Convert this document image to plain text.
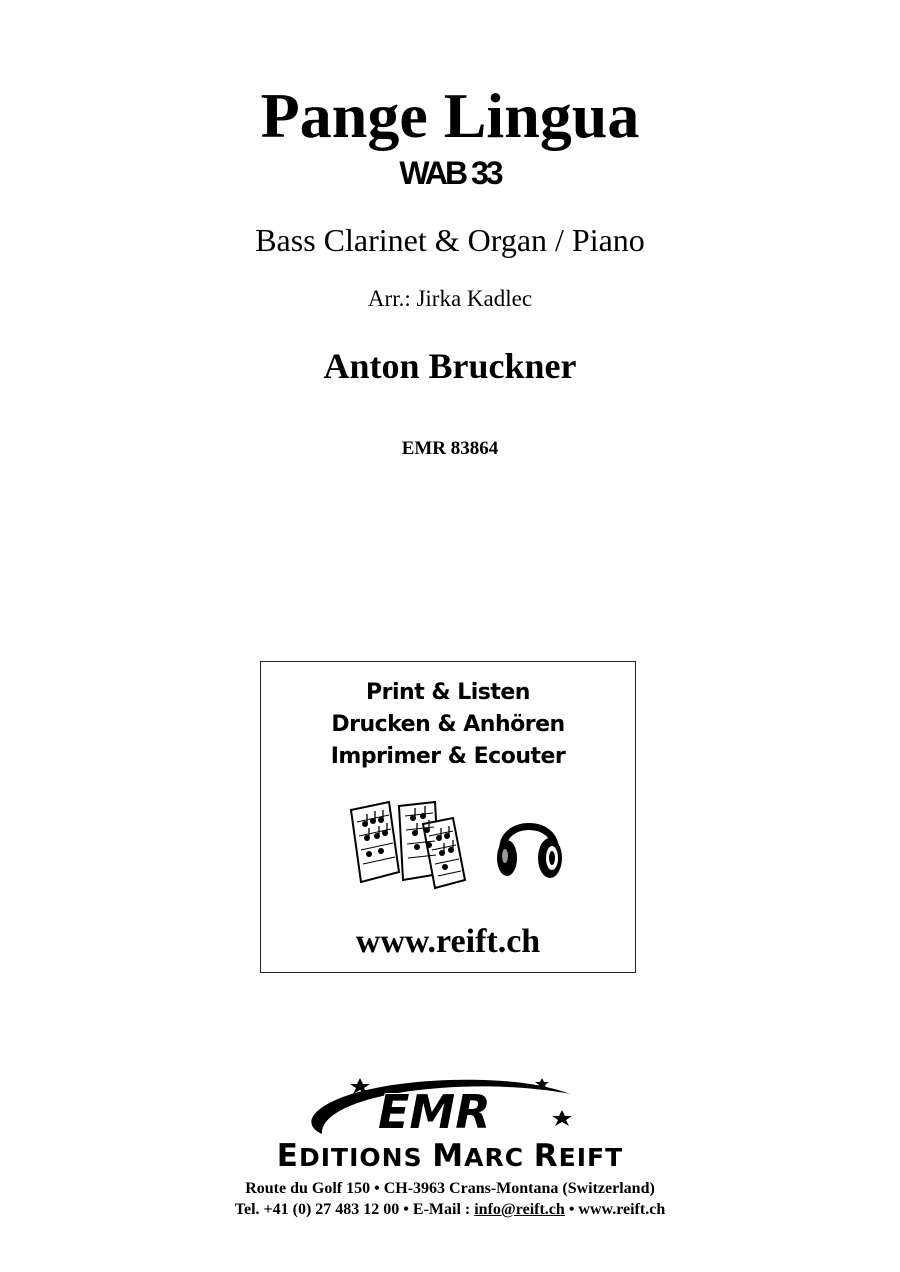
Pange Lingua
WAB 33
Bass Clarinet & Organ / Piano
Arr.: Jirka Kadlec
Anton Bruckner
EMR 83864
Print & Listen
Drucken & Anhören
Imprimer & Ecouter
www.reift.ch
EMR
EDITIONS MARC REIFT
Route du Golf 150 • CH-3963 Crans-Montana (Switzerland)
Tel. +41 (0) 27 483 12 00 • E-Mail : info@reift.ch • www.reift.ch
